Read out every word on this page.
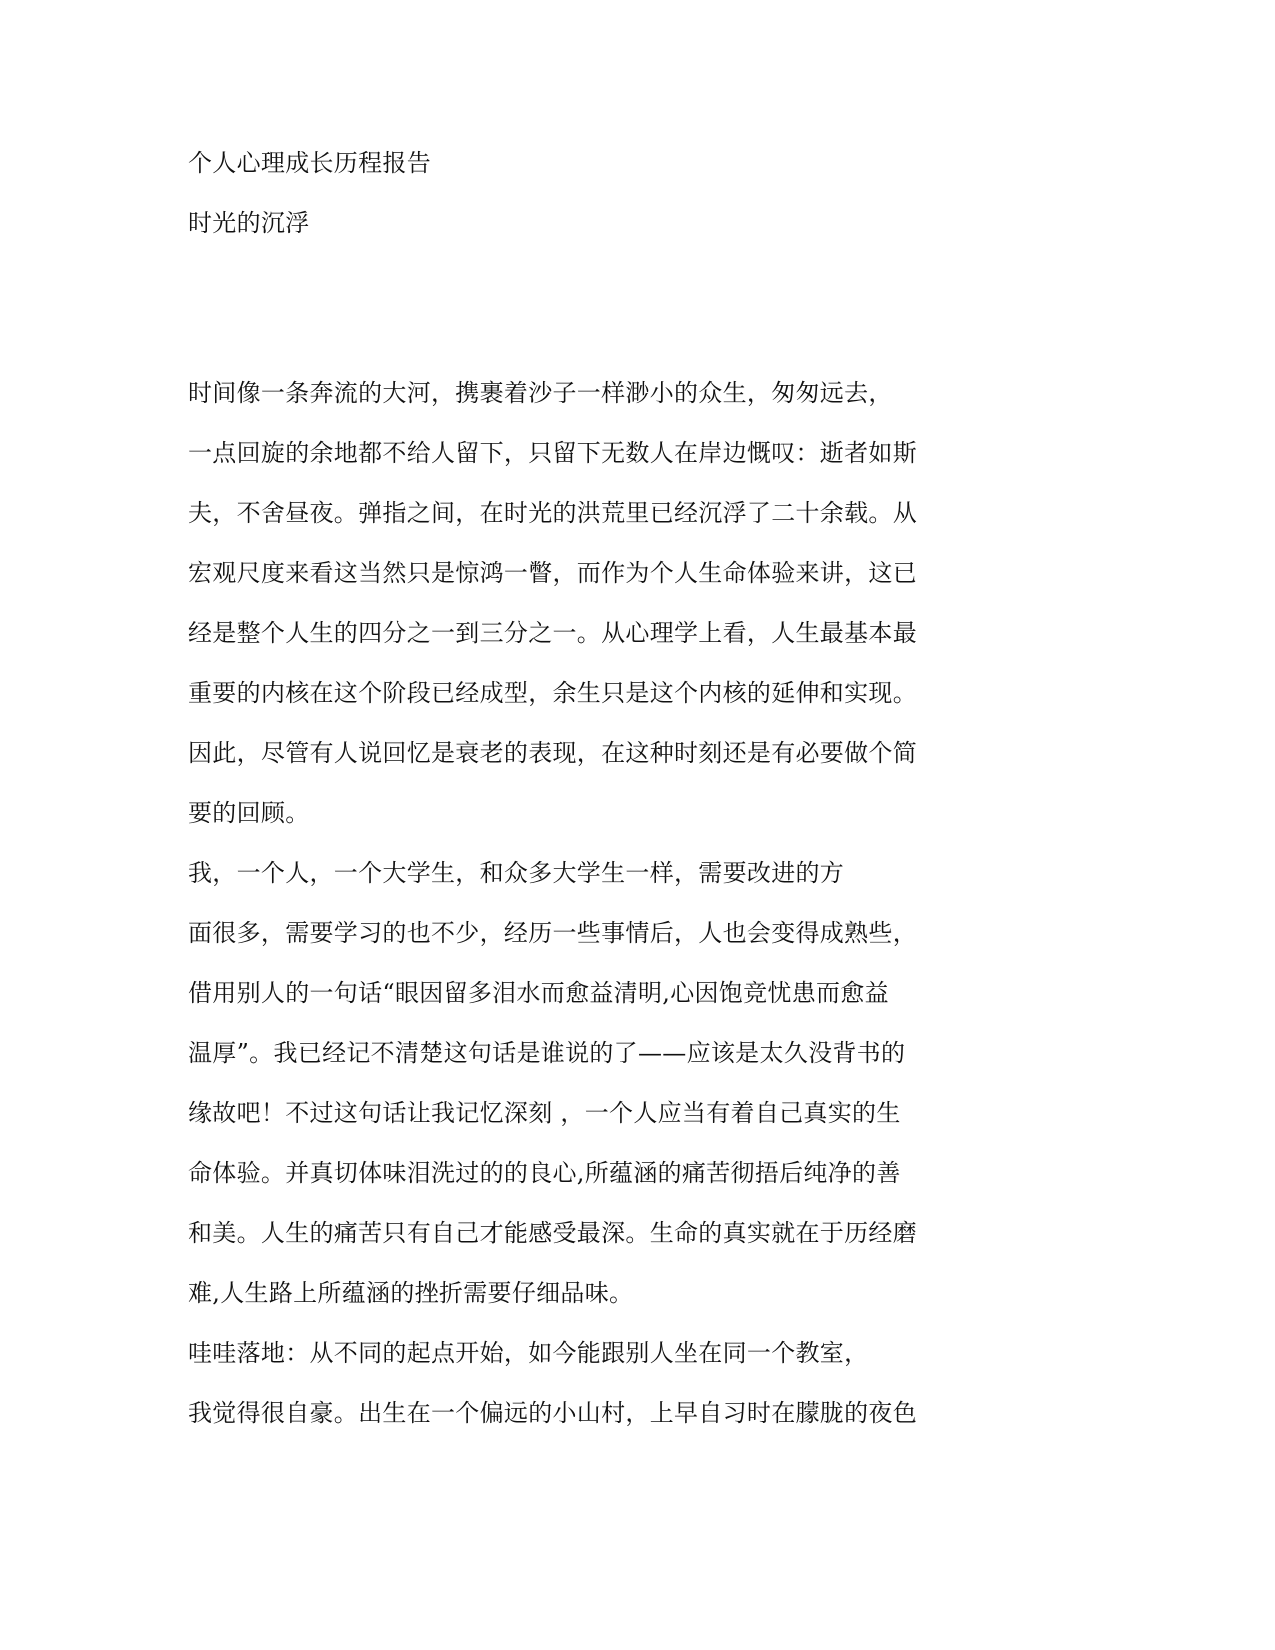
个人心理成长历程报告
时光的沉浮
时间像一条奔流的大河，携裹着沙子一样渺小的众生，匆匆远去，
一点回旋的余地都不给人留下，只留下无数人在岸边慨叹：逝者如斯
夫，不舍昼夜。弹指之间，在时光的洪荒里已经沉浮了二十余载。从
宏观尺度来看这当然只是惊鸿一瞥，而作为个人生命体验来讲，这已
经是整个人生的四分之一到三分之一。从心理学上看，人生最基本最
重要的内核在这个阶段已经成型，余生只是这个内核的延伸和实现。
因此，尽管有人说回忆是衰老的表现，在这种时刻还是有必要做个简
要的回顾。
我，一个人，一个大学生，和众多大学生一样，需要改进的方
面很多，需要学习的也不少，经历一些事情后，人也会变得成熟些，
借用别人的一句话“眼因留多泪水而愈益清明,心因饱竞忧患而愈益
温厚”。我已经记不清楚这句话是谁说的了——应该是太久没背书的
缘故吧！不过这句话让我记忆深刻 ，一个人应当有着自己真实的生
命体验。并真切体味泪洗过的的良心,所蕴涵的痛苦彻捂后纯净的善
和美。人生的痛苦只有自己才能感受最深。生命的真实就在于历经磨
难,人生路上所蕴涵的挫折需要仔细品味。
哇哇落地：从不同的起点开始，如今能跟别人坐在同一个教室，
我觉得很自豪。出生在一个偏远的小山村，上早自习时在朦胧的夜色
